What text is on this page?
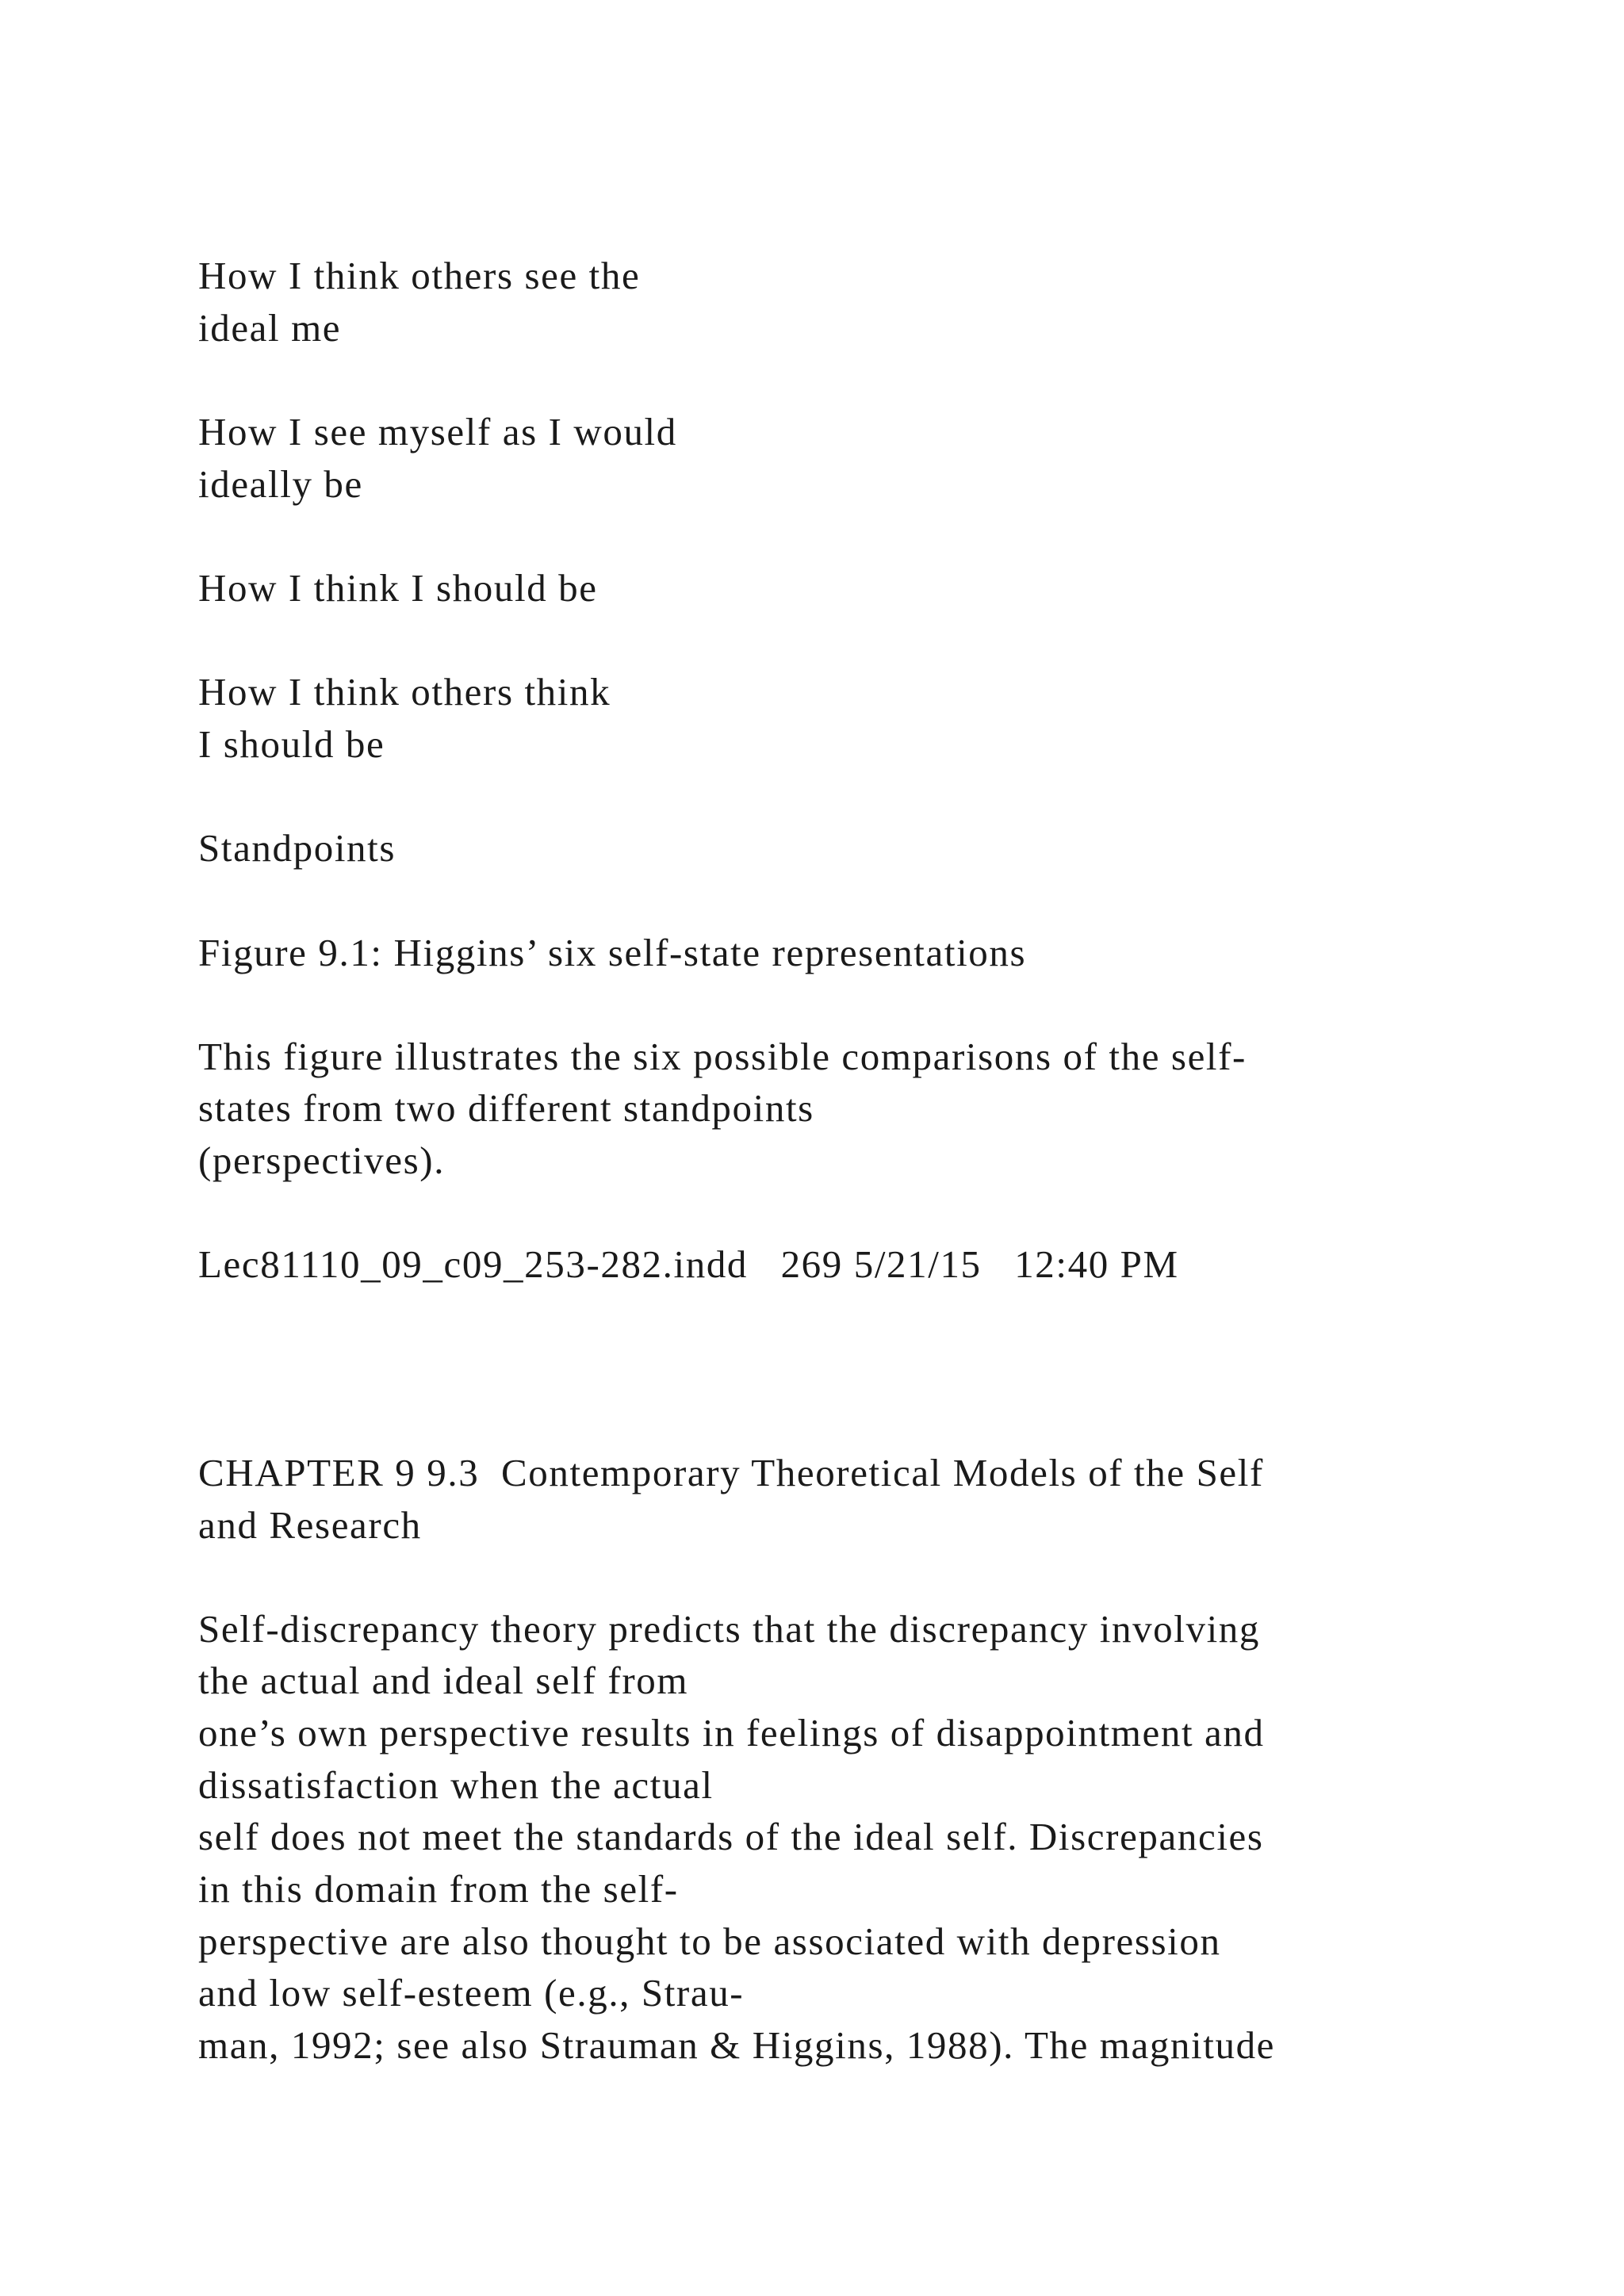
How I think others see the
ideal me
How I see myself as I would
ideally be
How I think I should be
How I think others think
I should be
Standpoints
Figure 9.1: Higgins’ six self-state representations
This figure illustrates the six possible comparisons of the self-
states from two different standpoints
(perspectives).
Lec81110_09_c09_253-282.indd   269 5/21/15   12:40 PM
CHAPTER 9 9.3  Contemporary Theoretical Models of the Self
and Research
Self-discrepancy theory predicts that the discrepancy involving
the actual and ideal self from
one’s own perspective results in feelings of disappointment and
dissatisfaction when the actual
self does not meet the standards of the ideal self. Discrepancies
in this domain from the self-
perspective are also thought to be associated with depression
and low self-esteem (e.g., Strau-
man, 1992; see also Strauman & Higgins, 1988). The magnitude
